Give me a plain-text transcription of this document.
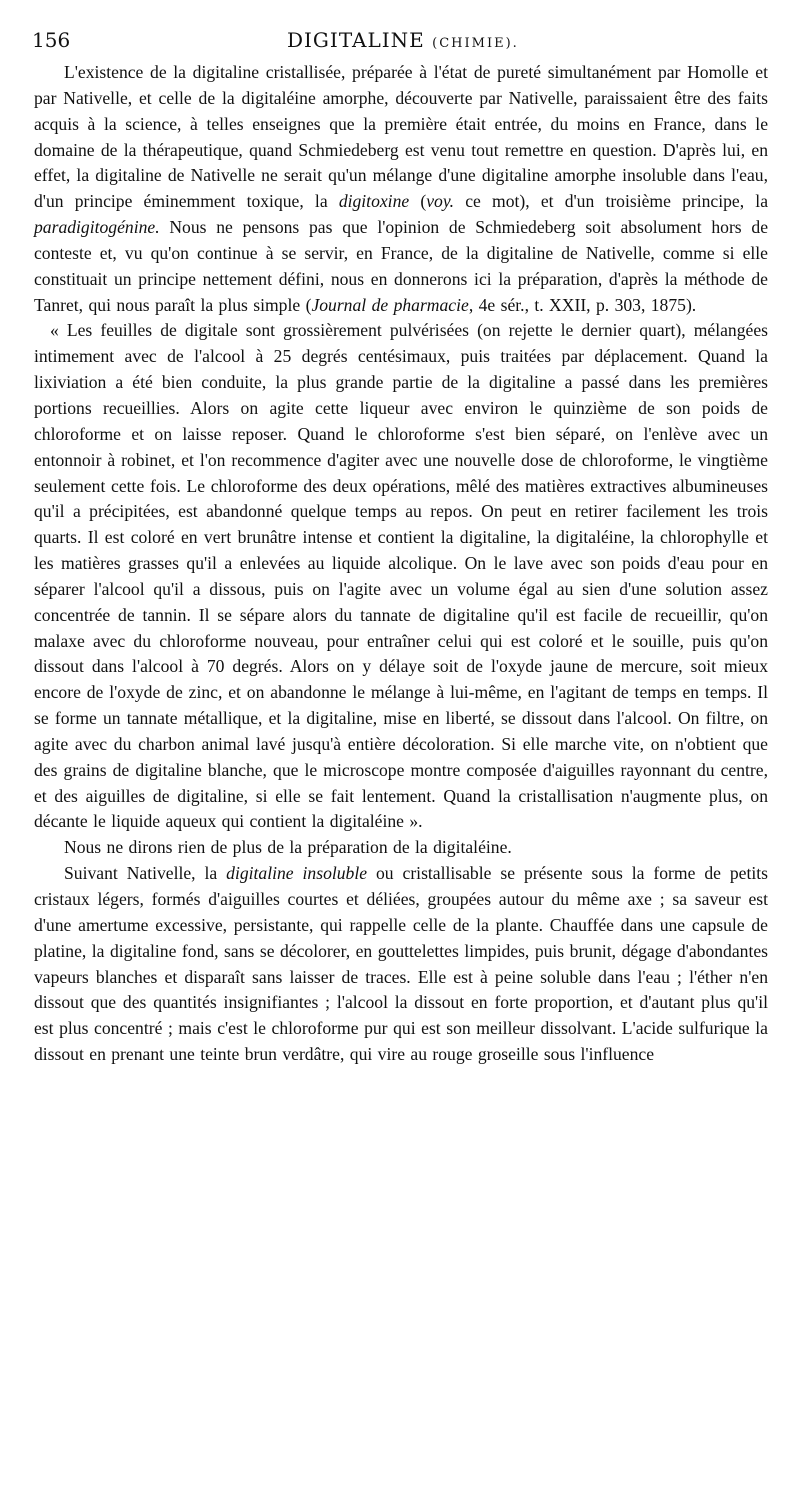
156	DIGITALINE (CHIMIE).

L'existence de la digitaline cristallisée, préparée à l'état de pureté simultanément par Homolle et par Nativelle, et celle de la digitaléine amorphe, découverte par Nativelle, paraissaient être des faits acquis à la science, à telles enseignes que la première était entrée, du moins en France, dans le domaine de la thérapeutique, quand Schmiedeberg est venu tout remettre en question. D'après lui, en effet, la digitaline de Nativelle ne serait qu'un mélange d'une digitaline amorphe insoluble dans l'eau, d'un principe éminemment toxique, la digitoxine (voy. ce mot), et d'un troisième principe, la paradigitogénine. Nous ne pensons pas que l'opinion de Schmiedeberg soit absolument hors de conteste et, vu qu'on continue à se servir, en France, de la digitaline de Nativelle, comme si elle constituait un principe nettement défini, nous en donnerons ici la préparation, d'après la méthode de Tanret, qui nous paraît la plus simple (Journal de pharmacie, 4e sér., t. XXII, p. 303, 1875).

« Les feuilles de digitale sont grossièrement pulvérisées (on rejette le dernier quart), mélangées intimement avec de l'alcool à 25 degrés centésimaux, puis traitées par déplacement. Quand la lixiviation a été bien conduite, la plus grande partie de la digitaline a passé dans les premières portions recueillies. Alors on agite cette liqueur avec environ le quinzième de son poids de chloroforme et on laisse reposer. Quand le chloroforme s'est bien séparé, on l'enlève avec un entonnoir à robinet, et l'on recommence d'agiter avec une nouvelle dose de chloroforme, le vingtième seulement cette fois. Le chloroforme des deux opérations, mêlé des matières extractives albumineuses qu'il a précipitées, est abandonné quelque temps au repos. On peut en retirer facilement les trois quarts. Il est coloré en vert brunâtre intense et contient la digitaline, la digitaléine, la chlorophylle et les matières grasses qu'il a enlevées au liquide alcolique. On le lave avec son poids d'eau pour en séparer l'alcool qu'il a dissous, puis on l'agite avec un volume égal au sien d'une solution assez concentrée de tannin. Il se sépare alors du tannate de digitaline qu'il est facile de recueillir, qu'on malaxe avec du chloroforme nouveau, pour entraîner celui qui est coloré et le souille, puis qu'on dissout dans l'alcool à 70 degrés. Alors on y délaye soit de l'oxyde jaune de mercure, soit mieux encore de l'oxyde de zinc, et on abandonne le mélange à lui-même, en l'agitant de temps en temps. Il se forme un tannate métallique, et la digitaline, mise en liberté, se dissout dans l'alcool. On filtre, on agite avec du charbon animal lavé jusqu'à entière décoloration. Si elle marche vite, on n'obtient que des grains de digitaline blanche, que le microscope montre composée d'aiguilles rayonnant du centre, et des aiguilles de digitaline, si elle se fait lentement. Quand la cristallisation n'augmente plus, on décante le liquide aqueux qui contient la digitaléine ».

Nous ne dirons rien de plus de la préparation de la digitaléine.

Suivant Nativelle, la digitaline insoluble ou cristallisable se présente sous la forme de petits cristaux légers, formés d'aiguilles courtes et déliées, groupées autour du même axe ; sa saveur est d'une amertume excessive, persistante, qui rappelle celle de la plante. Chauffée dans une capsule de platine, la digitaline fond, sans se décolorer, en gouttelettes limpides, puis brunit, dégage d'abondantes vapeurs blanches et disparaît sans laisser de traces. Elle est à peine soluble dans l'eau ; l'éther n'en dissout que des quantités insignifiantes ; l'alcool la dissout en forte proportion, et d'autant plus qu'il est plus concentré ; mais c'est le chloroforme pur qui est son meilleur dissolvant. L'acide sulfurique la dissout en prenant une teinte brun verdâtre, qui vire au rouge groseille sous l'influence
